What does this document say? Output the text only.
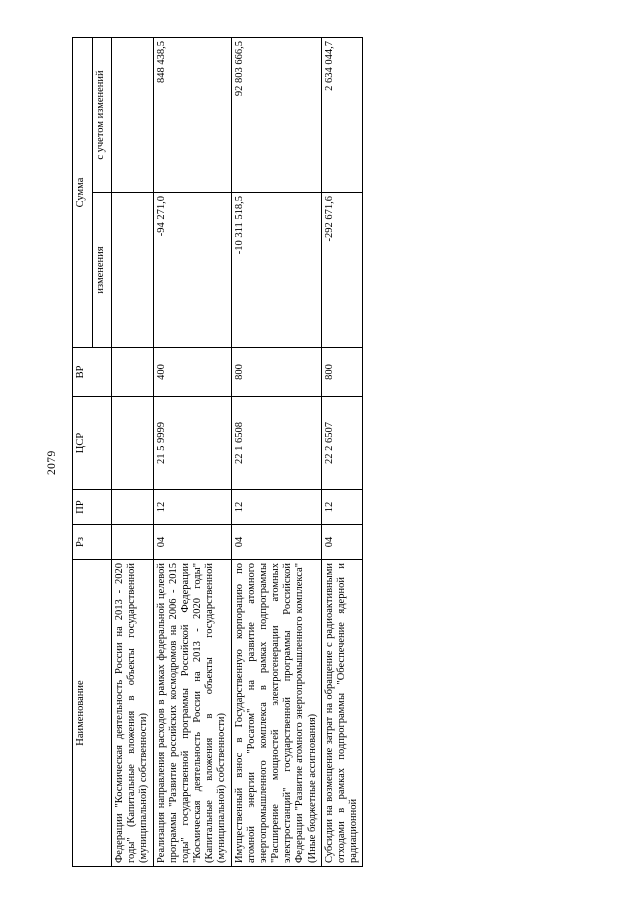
2079
Наименование	Рз	ПР	ЦСР	ВР	Сумма	
					изменения	с учетом изменений
Федерации "Космическая деятельность России на 2013 - 2020 годы" (Капитальные вложения в объекты государственной (муниципальной) собственности)						
Реализация направления расходов в рамках федеральной целевой программы "Развитие российских космодромов на 2006 - 2015 годы" государственной программы Российской Федерации "Космическая деятельность России на 2013 - 2020 годы" (Капитальные вложения в объекты государственной (муниципальной) собственности)	04	12	21 5 9999	400	-94 271,0	848 438,5
Имущественный взнос в Государственную корпорацию по атомной энергии "Росатом" на развитие атомного энергопромышленного комплекса в рамках подпрограммы "Расширение мощностей электрогенерации атомных электростанций" государственной программы Российской Федерации "Развитие атомного энергопромышленного комплекса" (Иные бюджетные ассигнования)	04	12	22 1 6508	800	-10 311 518,5	92 803 666,5
Субсидии на возмещение затрат на обращение с радиоактивными отходами в рамках подпрограммы "Обеспечение ядерной и радиационной	04	12	22 2 6507	800	-292 671,6	2 634 044,7
